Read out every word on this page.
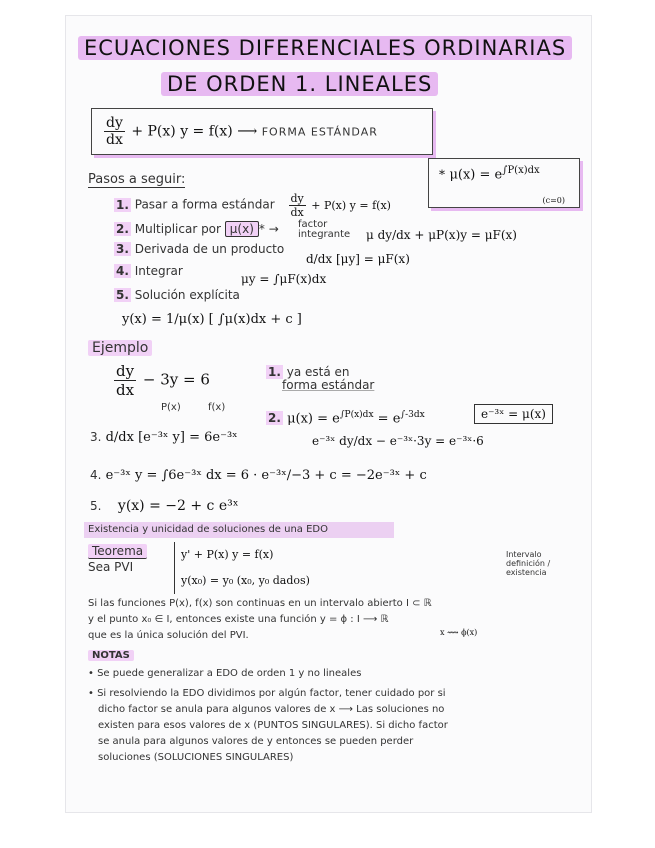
ECUACIONES DIFERENCIALES ORDINARIAS
DE ORDEN 1. LINEALES
$\frac{dy}{dx} + P(x) y = f(x)$ ⟶ FORMA ESTÁNDAR
* $\mu(x) = e^{\int P(x)dx}$
(c=0)
Pasos a seguir:
1. Pasar a forma estándar $\frac{dy}{dx} + P(x) y = f(x)$
2. Multiplicar por μ(x) * → factor
integrante μ dy/dx + μP(x)y = μF(x)
3. Derivada de un producto
d/dx [μy] = μF(x)
4. Integrar
μy = ∫μF(x)dx
5. Solución explícita
y(x) = 1/μ(x) [ ∫μ(x)dx + c ]
Ejemplo
$\frac{dy}{dx} - 3y = 6$
P(x)	f(x)
1. ya está en
forma estándar
2. $\mu(x) = e^{\int P(x)dx} = e^{\int-3dx}$	e⁻³ˣ = μ(x)
e⁻³ˣ dy/dx − e⁻³ˣ·3y = e⁻³ˣ·6
3. d/dx [e⁻³ˣ y] = 6e⁻³ˣ
4. e⁻³ˣ y = ∫6e⁻³ˣ dx = 6 · e⁻³ˣ/−3 + c = −2e⁻³ˣ + c
5. y(x) = −2 + c e³ˣ
Existencia y unicidad de soluciones de una EDO
Teorema
Sea PVI
y' + P(x) y = f(x)
y(x₀) = y₀ (x₀, y₀ dados)
Intervalo
definición /
existencia
Si las funciones P(x), f(x) son continuas en un intervalo abierto I ⊂ ℝ
y el punto x₀ ∈ I, entonces existe una función y = ϕ : I ⟶ ℝ
x ⟿ ϕ(x)
que es la única solución del PVI.
NOTAS
• Se puede generalizar a EDO de orden 1 y no lineales
• Si resolviendo la EDO dividimos por algún factor, tener cuidado por si
dicho factor se anula para algunos valores de x ⟶ Las soluciones no
existen para esos valores de x (PUNTOS SINGULARES). Si dicho factor
se anula para algunos valores de y entonces se pueden perder
soluciones (SOLUCIONES SINGULARES)
